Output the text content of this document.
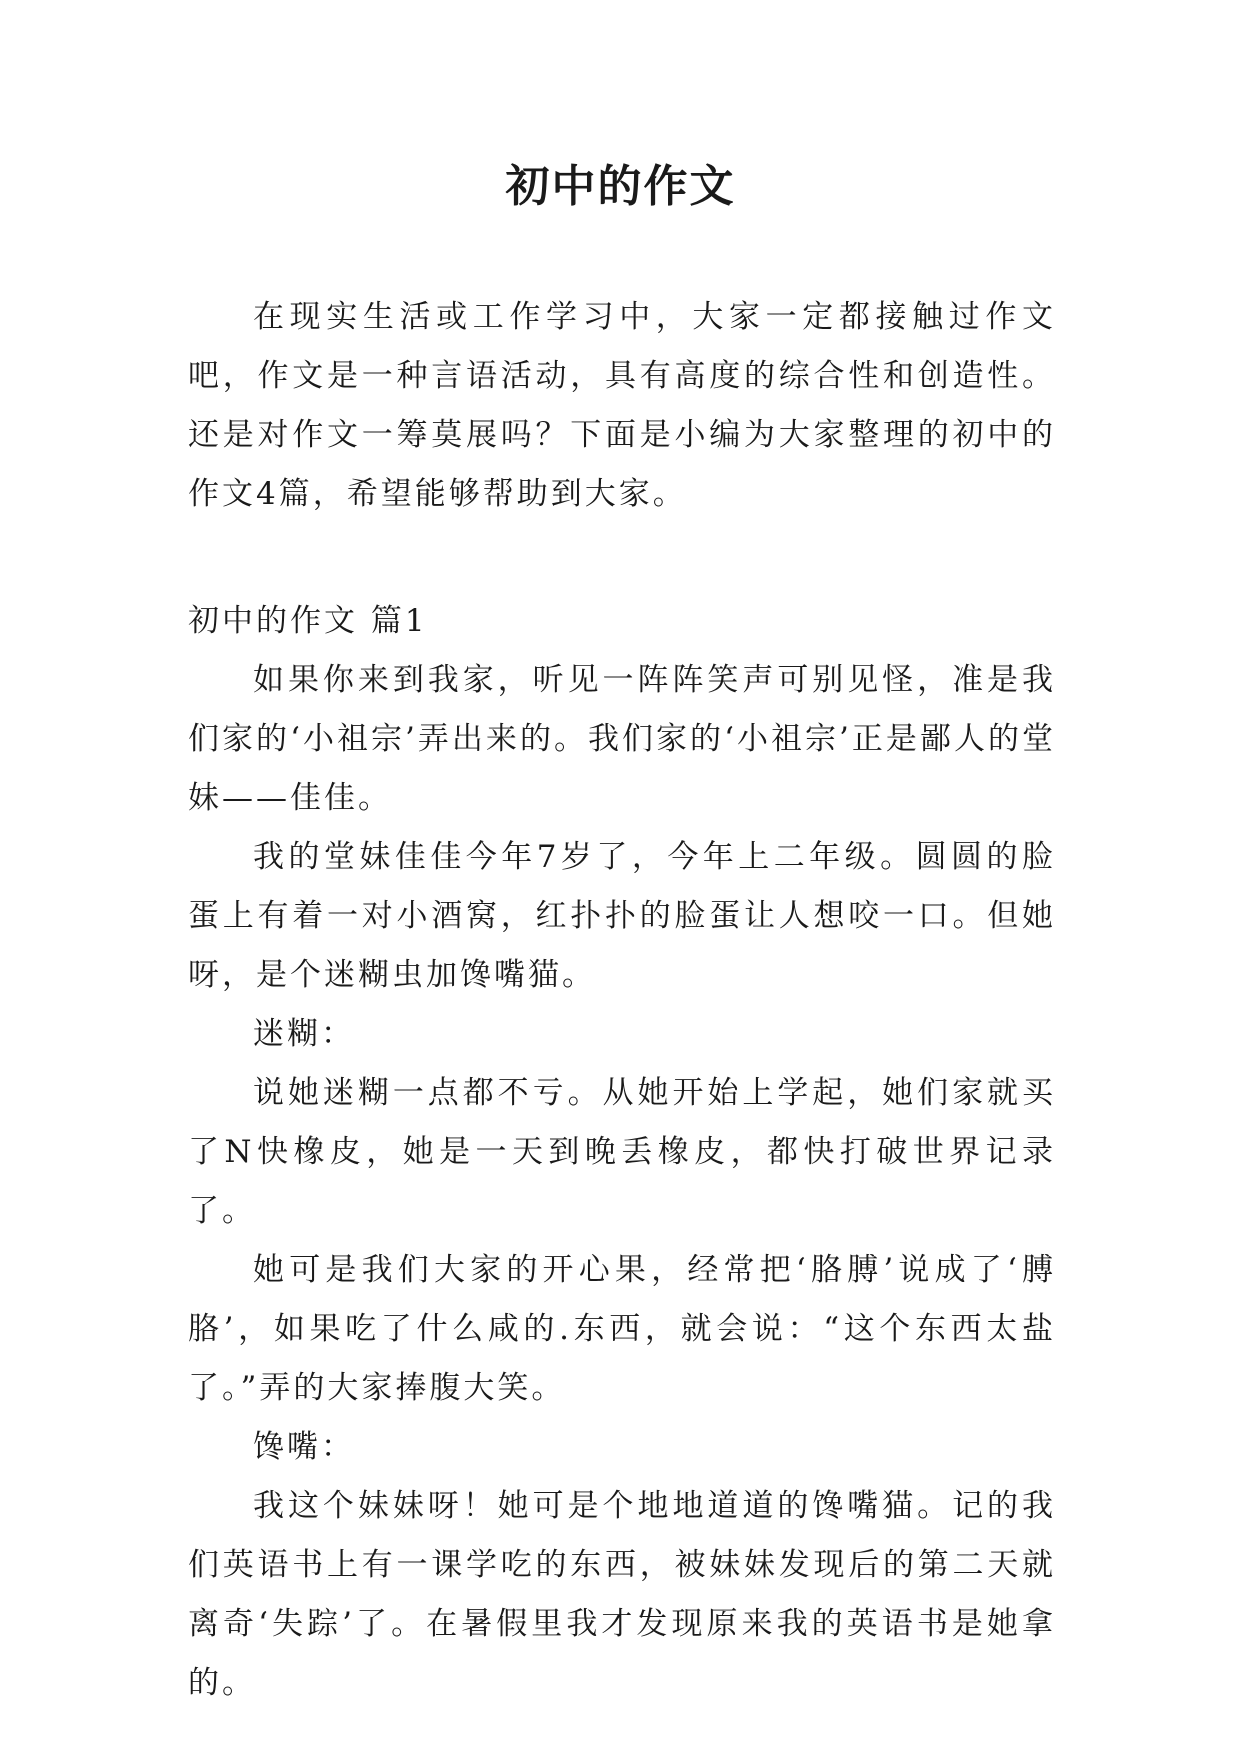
初中的作文

在现实生活或工作学习中，大家一定都接触过作文吧，作文是一种言语活动，具有高度的综合性和创造性。还是对作文一筹莫展吗？下面是小编为大家整理的初中的作文4篇，希望能够帮助到大家。

初中的作文 篇1

如果你来到我家，听见一阵阵笑声可别见怪，准是我们家的‘小祖宗’弄出来的。我们家的‘小祖宗’正是鄙人的堂妹——佳佳。

我的堂妹佳佳今年7岁了，今年上二年级。圆圆的脸蛋上有着一对小酒窝，红扑扑的脸蛋让人想咬一口。但她呀，是个迷糊虫加馋嘴猫。

迷糊：

说她迷糊一点都不亏。从她开始上学起，她们家就买了N快橡皮，她是一天到晚丢橡皮，都快打破世界记录了。

她可是我们大家的开心果，经常把‘胳膊’说成了‘膊胳’，如果吃了什么咸的.东西，就会说：“这个东西太盐了。”弄的大家捧腹大笑。

馋嘴：

我这个妹妹呀！她可是个地地道道的馋嘴猫。记的我们英语书上有一课学吃的东西，被妹妹发现后的第二天就离奇‘失踪’了。在暑假里我才发现原来我的英语书是她拿的。
